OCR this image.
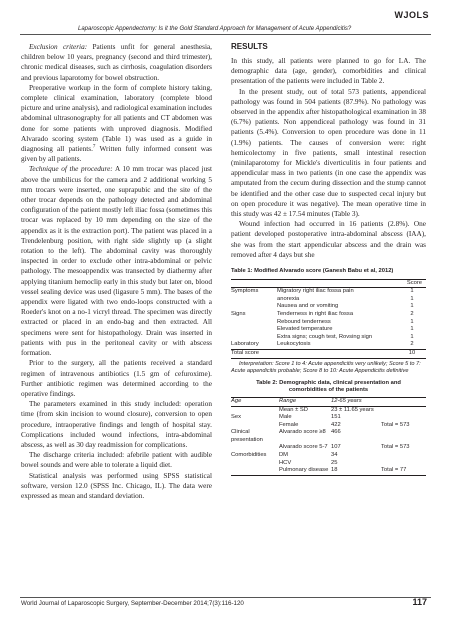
WJOLS
Laparoscopic Appendectomy: Is it the Gold Standard Approach for Management of Acute Appendicitis?

Exclusion criteria: Patients unfit for general anesthesia, children below 10 years, pregnancy (second and third trimester), chronic medical diseases, such as cirrhosis, coagulation disorders and previous laparotomy for bowel obstruction.

Preoperative workup in the form of complete history taking, complete clinical examination, laboratory (complete blood picture and urine analysis), and radiological examination includes abdominal ultrasonography for all patients and CT abdomen was done for some patients with unproved diagnosis. Modified Alvarado scoring system (Table 1) was used as a guide in diagnosing all patients.$^7$ Written fully informed consent was given by all patients.

Technique of the procedure: A 10 mm trocar was placed just above the umbilicus for the camera and 2 additional working 5 mm trocars were inserted, one suprapubic and the site of the other trocar depends on the pathology detected and abdominal configuration of the patient mostly left iliac fossa (sometimes this trocar was replaced by 10 mm depending on the size of the appendix as it is the extraction port). The patient was placed in a Trendelenburg position, with right side slightly up (a slight rotation to the left). The abdominal cavity was thoroughly inspected in order to exclude other intra-abdominal or pelvic pathology. The mesoappendix was transected by diathermy after applying titanium hemoclip early in this study but later on, blood vessel sealing device was used (ligasure 5 mm). The bases of the appendix were ligated with two endo-loops constructed with a Roeder's knot on a no-1 vicryl thread. The specimen was directly extracted or placed in an endo-bag and then extracted. All specimens were sent for histopathology. Drain was inserted in patients with pus in the peritoneal cavity or with abscess formation.

Prior to the surgery, all the patients received a standard regimen of intravenous antibiotics (1.5 gm of cefuroxime). Further antibiotic regimen was determined according to the operative findings.

The parameters examined in this study included: operation time (from skin incision to wound closure), conversion to open procedure, intraoperative findings and length of hospital stay. Complications included wound infections, intra-abdominal abscess, as well as 30 day readmission for complications.

The discharge criteria included: afebrile patient with audible bowel sounds and were able to tolerate a liquid diet.

Statistical analysis was performed using SPSS statistical software, version 12.0 (SPSS Inc. Chicago, IL). The data were expressed as mean and standard deviation.

RESULTS

In this study, all patients were planned to go for LA. The demographic data (age, gender), comorbidities and clinical presentation of the patients were included in Table 2.

In the present study, out of total 573 patients, appendiceal pathology was found in 504 patients (87.9%). No pathology was observed in the appendix after histopathological examination in 38 (6.7%) patients. Non appendiceal pathology was found in 31 patients (5.4%). Conversion to open procedure was done in 11 (1.9%) patients. The causes of conversion were: right hemicolectomy in five patients, small intestinal resection (minilaparotomy for Mickle's diverticulitis in four patients and appendicular mass in two patients (in one case the appendix was amputated from the cecum during dissection and the stump cannot be identified and the other case due to suspected cecal injury but on open procedure it was negative). The mean operative time in this study was 42 ± 17.54 minutes (Table 3).

Wound infection had occurred in 16 patients (2.8%). One patient developed postoperative intra-abdominal abscess (IAA), she was from the start appendicular abscess and the drain was removed after 4 days but she

Table 1: Modified Alvarado score (Ganesh Babu et al, 2012)
		Score
Symptoms	Migratory right iliac fossa pain	1
	anorexia	1
	Nausea and or vomiting	1
Signs	Tenderness in right iliac fossa	2
	Rebound tenderness	1
	Elevated temperature	1
	Extra signs; cough test, Rovsing sign	1
Laboratory	Leukocytosis	2
Total score		10

Interpretation: Score 1 to 4: Acute appendicitis very unlikely; Score 5 to 7: Acute appendicitis probable; Score 8 to 10: Acute Appendicitis definitive

Table 2: Demographic data, clinical presentation and
comorbidities of the patients
Age	Range	12-65 years	
	Mean ± SD	23 ± 11.65 years	
Sex	Male	151	
	Female	422	Total = 573
Clinical presentation	Alvarado score ≥8	466	
	Alvarado score 5-7	107	Total = 573
Comorbidities	DM	34	
	HCV	25	
	Pulmonary disease	18	Total = 77
World Journal of Laparoscopic Surgery, September-December 2014;7(3):116-120	117
